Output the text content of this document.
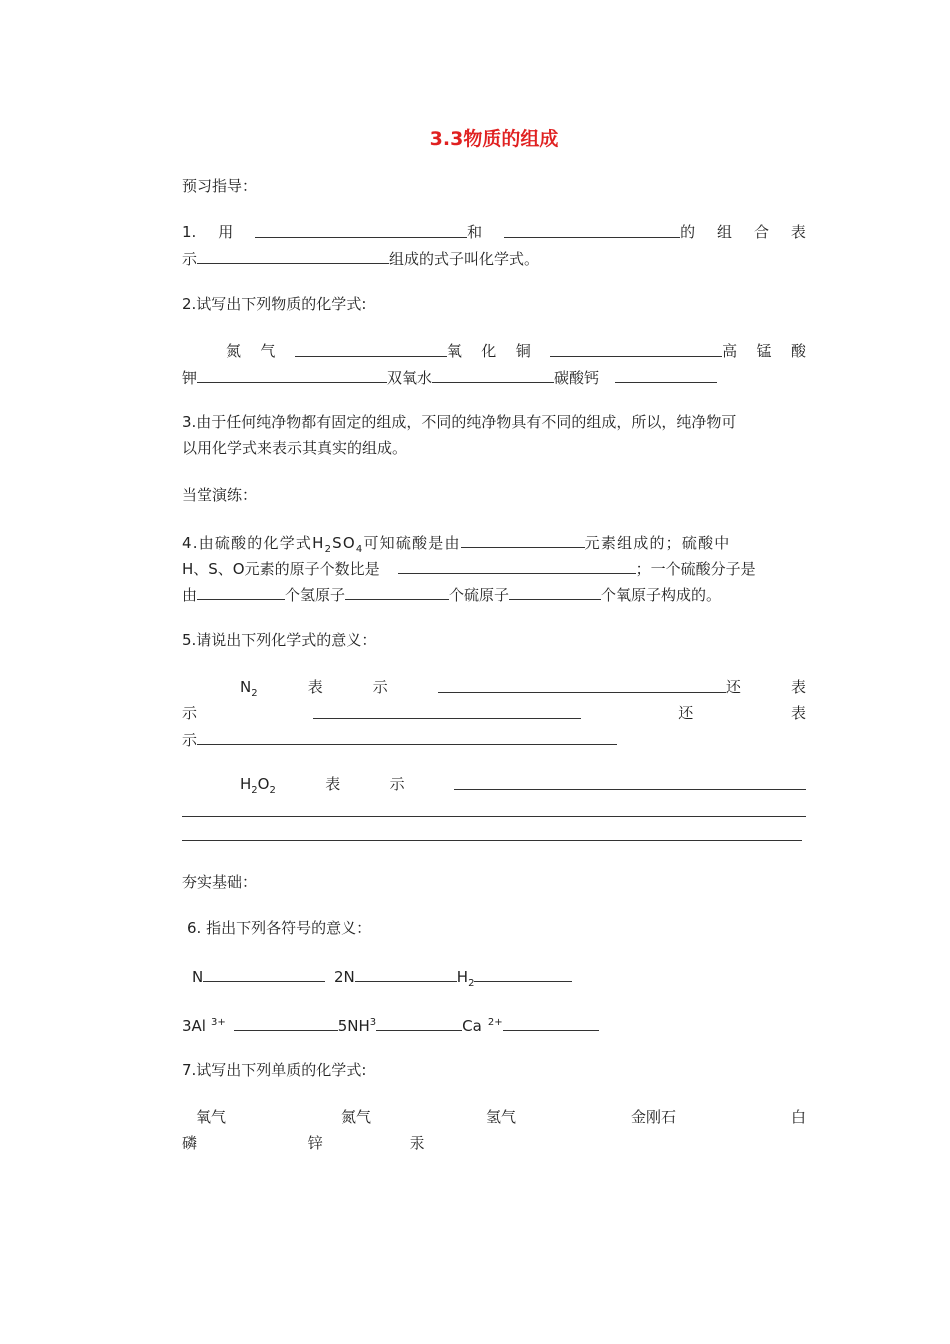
3.3物质的组成
预习指导：
1. 用	和	的 组 合 表
示	组成的式子叫化学式。
2.试写出下列物质的化学式:
氮 气	氧 化 铜	高 锰 酸
钾	双氧水	碳酸钙
3.由于任何纯净物都有固定的组成，不同的纯净物具有不同的组成，所以，纯净物可
以用化学式来表示其真实的组成。
当堂演练：
4.由硫酸的化学式$H_2SO_4$可知硫酸是由	元素组成的；硫酸中
H、S、O元素的原子个数比是	；一个硫酸分子是
由	个氢原子	个硫原子	个氧原子构成的。
5.请说出下列化学式的意义：
$N_2$	表	示	还	表
示	还	表
示
$H_2O_2$	表	示
夯实基础：
6. 指出下列各符号的意义：
N	2N	$H_2$
3Al $^{3+}$	$5NH^3$	Ca $^{2+}$
7.试写出下列单质的化学式:
氧气	氮气	氢气	金刚石	白
磷	锌	汞
